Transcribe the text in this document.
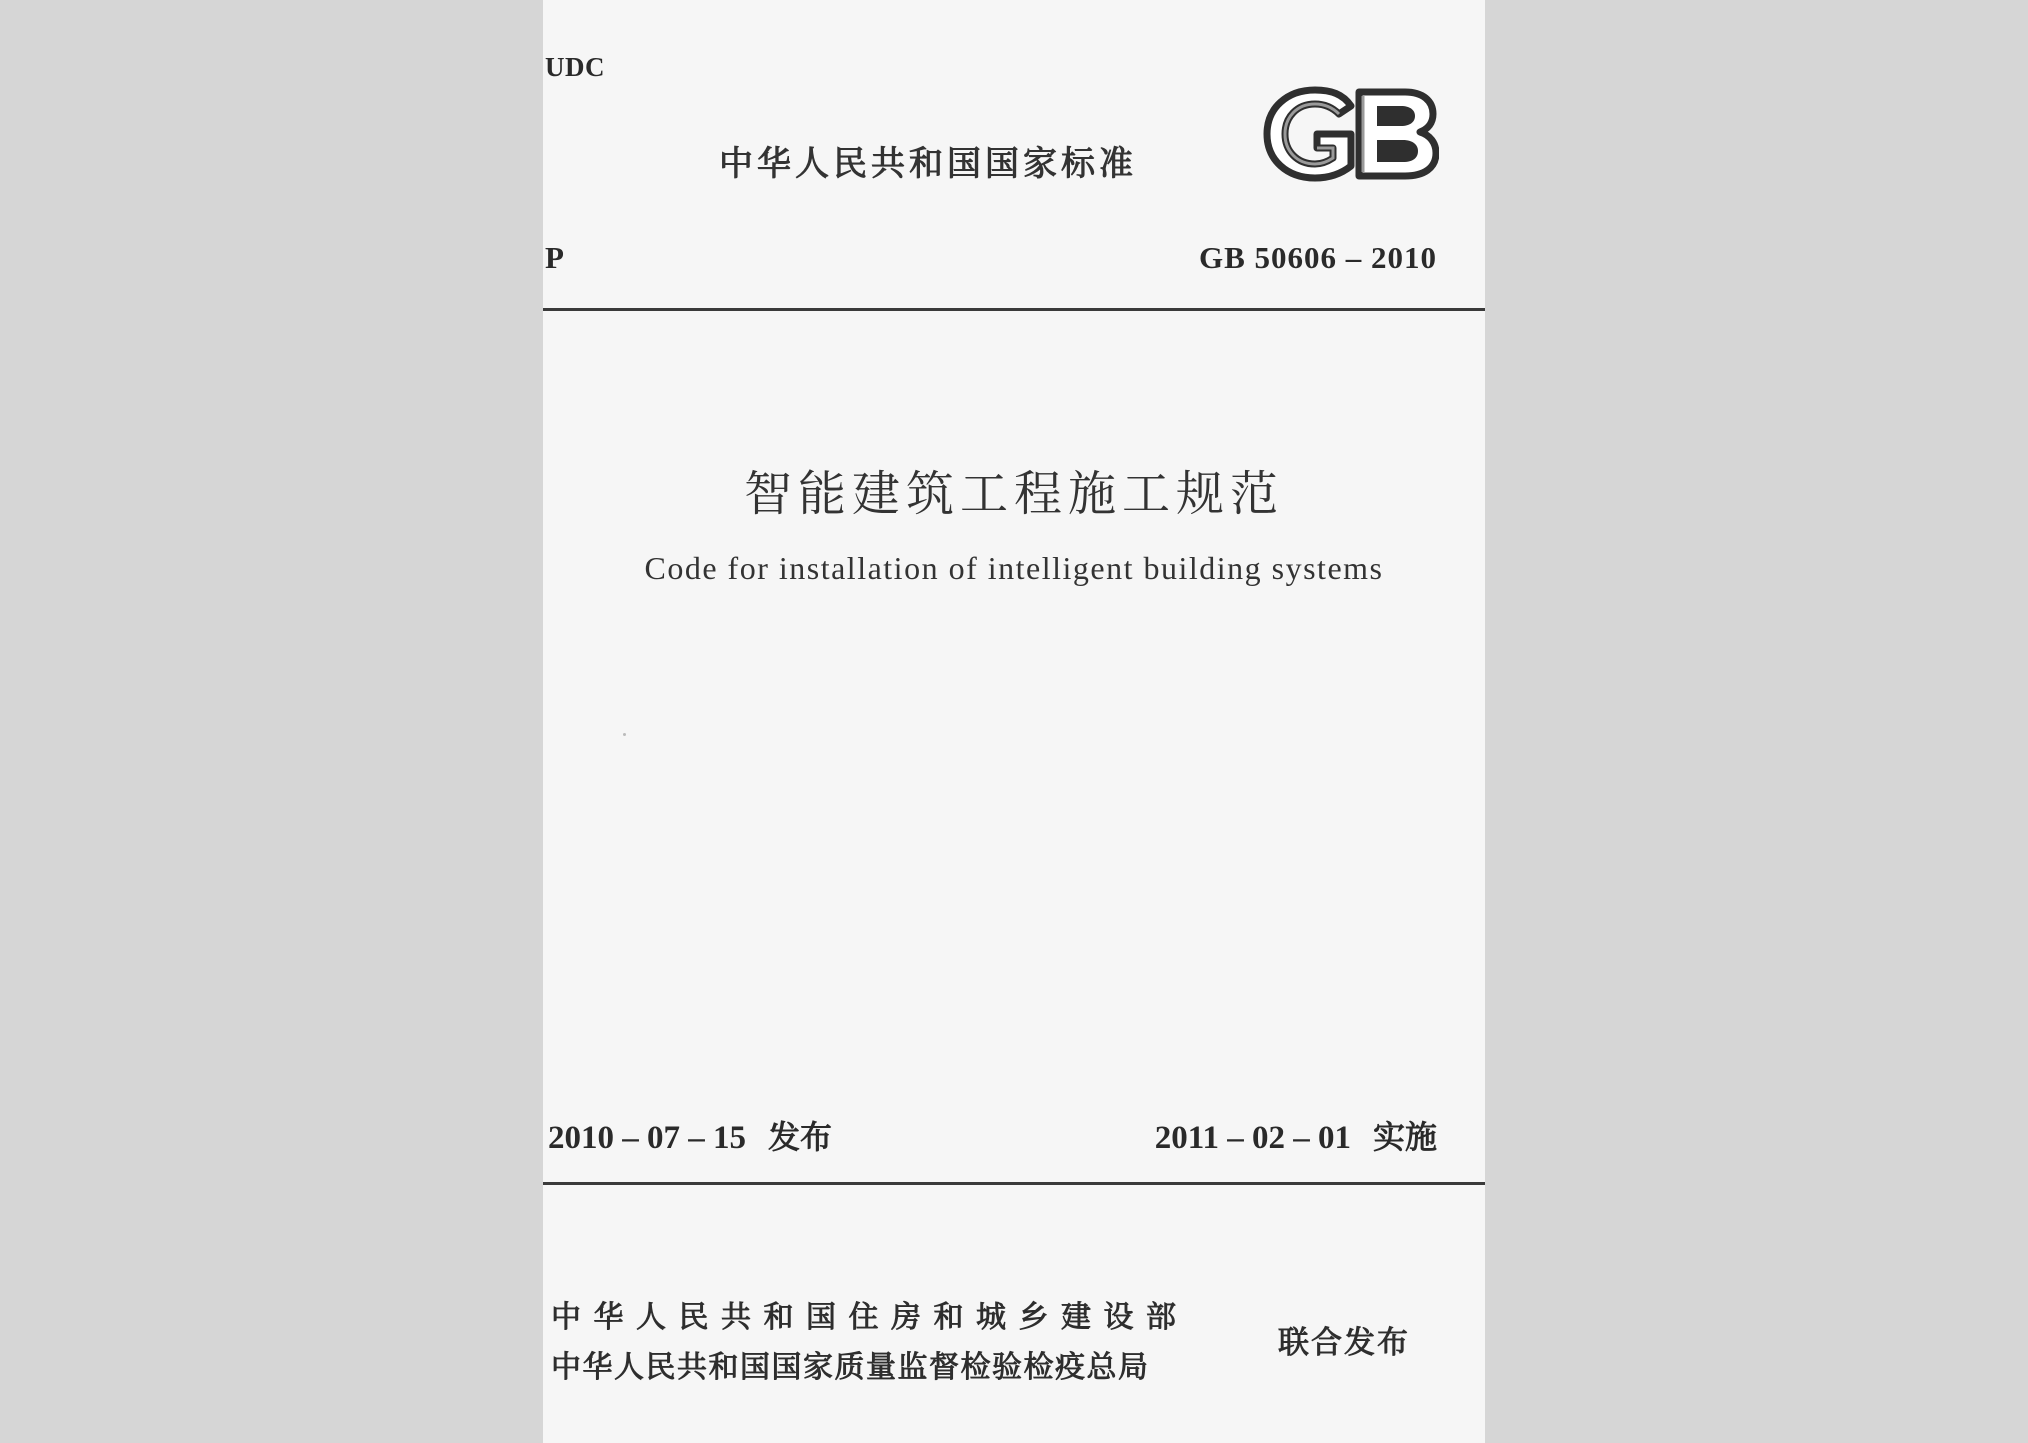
UDC
中华人民共和国国家标准
P	GB 50606 – 2010
智能建筑工程施工规范
Code for installation of intelligent building systems
2010 – 07 – 15 发布	2011 – 02 – 01 实施
中华人民共和国住房和城乡建设部
中华人民共和国国家质量监督检验检疫总局
联合发布
